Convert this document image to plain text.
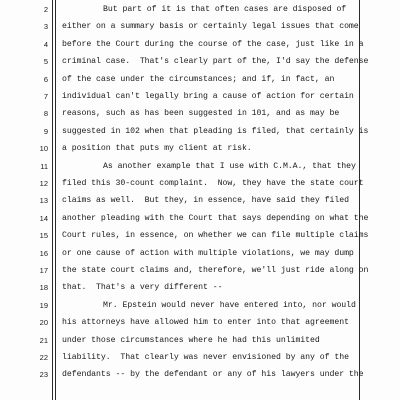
2	But part of it is that often cases are disposed of
3 either on a summary basis or certainly legal issues that come
4 before the Court during the course of the case, just like in a
5 criminal case.  That's clearly part of the, I'd say the defense
6 of the case under the circumstances; and if, in fact, an
7 individual can't legally bring a cause of action for certain
8 reasons, such as has been suggested in 101, and as may be
9 suggested in 102 when that pleading is filed, that certainly is
10 a position that puts my client at risk.
11	As another example that I use with C.M.A., that they
12 filed this 30-count complaint.  Now, they have the state court
13 claims as well.  But they, in essence, have said they filed
14 another pleading with the Court that says depending on what the
15 Court rules, in essence, on whether we can file multiple claims
16 or one cause of action with multiple violations, we may dump
17 the state court claims and, therefore, we'll just ride along on
18 that.  That's a very different --
19	Mr. Epstein would never have entered into, nor would
20 his attorneys have allowed him to enter into that agreement
21 under those circumstances where he had this unlimited
22 liability.  That clearly was never envisioned by any of the
23 defendants -- by the defendant or any of his lawyers under the
